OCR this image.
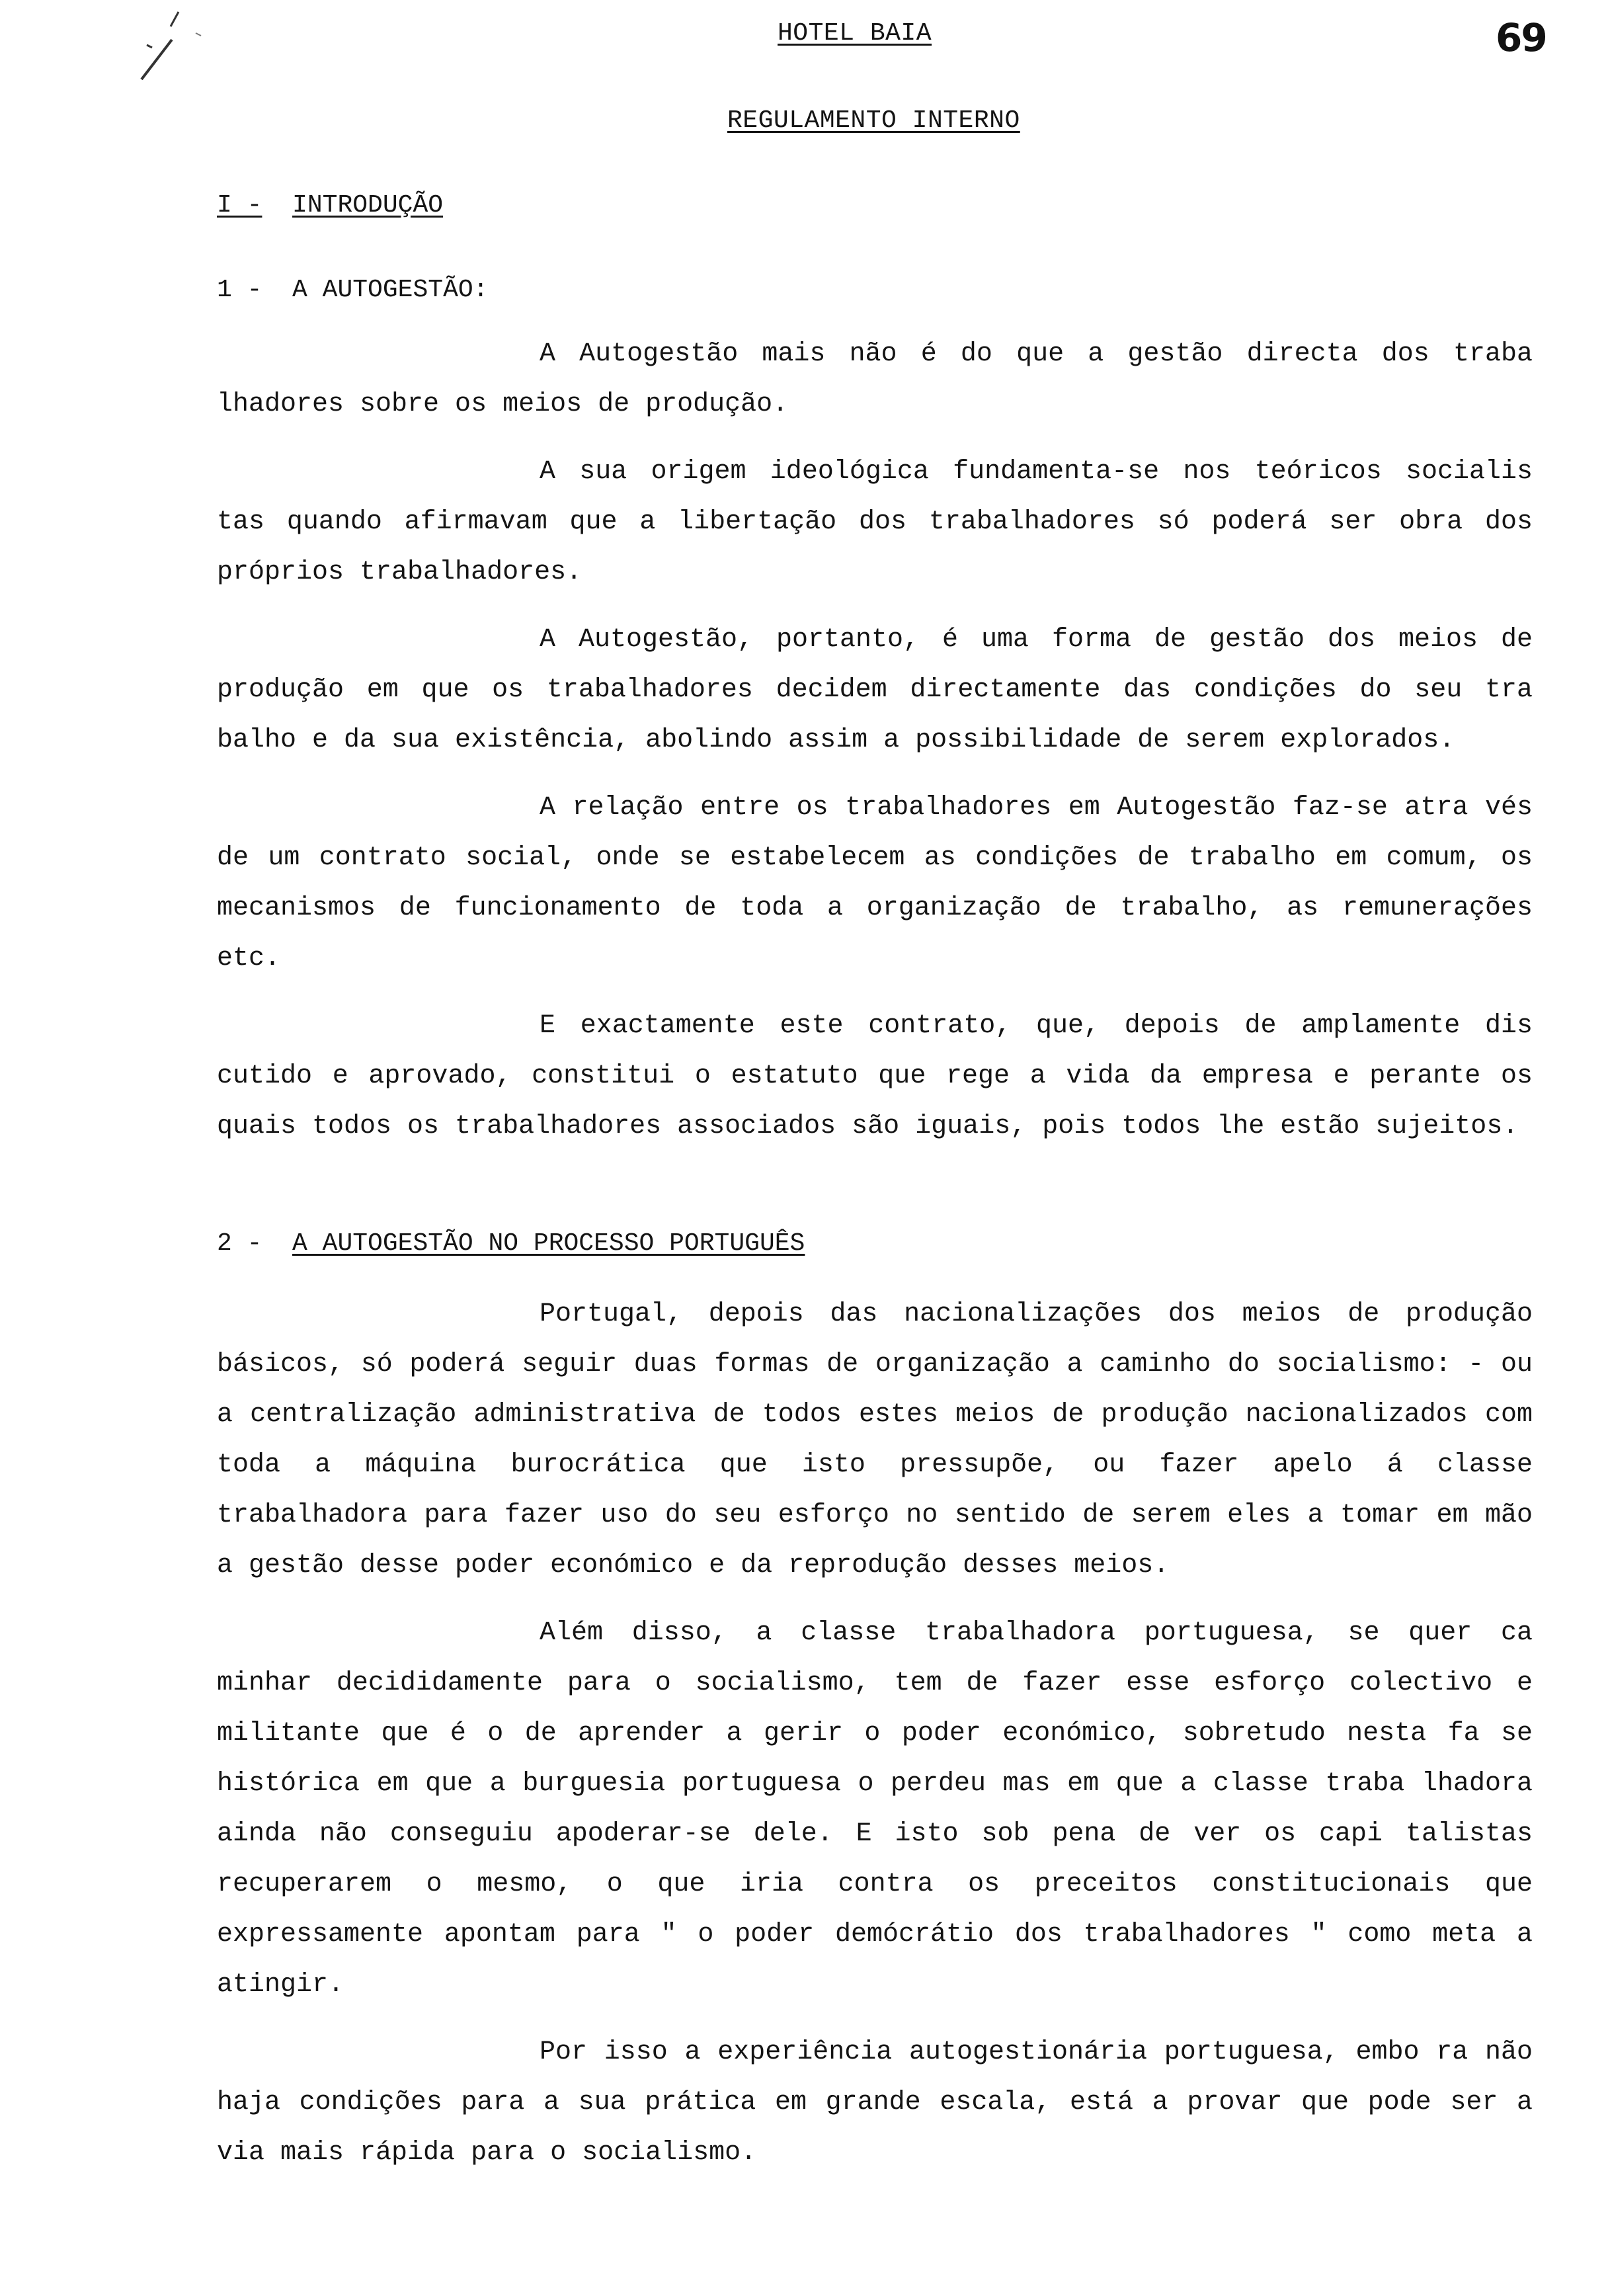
69
HOTEL BAIA
REGULAMENTO INTERNO
I - INTRODUÇÃO
1 - A AUTOGESTÃO:

A Autogestão mais não é do que a gestão directa dos traba lhadores sobre os meios de produção.

A sua origem ideológica fundamenta-se nos teóricos socialis tas quando afirmavam que a libertação dos trabalhadores só poderá ser obra dos próprios trabalhadores.

A Autogestão, portanto, é uma forma de gestão dos meios de produção em que os trabalhadores decidem directamente das condições do seu tra balho e da sua existência, abolindo assim a possibilidade de serem explorados.

A relação entre os trabalhadores em Autogestão faz-se atra vés de um contrato social, onde se estabelecem as condições de trabalho em comum, os mecanismos de funcionamento de toda a organização de trabalho, as remunerações etc.

E exactamente este contrato, que, depois de amplamente dis cutido e aprovado, constitui o estatuto que rege a vida da empresa e perante os quais todos os trabalhadores associados são iguais, pois todos lhe estão sujeitos.

2 - A AUTOGESTÃO NO PROCESSO PORTUGUÊS

Portugal, depois das nacionalizações dos meios de produção básicos, só poderá seguir duas formas de organização a caminho do socialismo: - ou a centralização administrativa de todos estes meios de produção nacionalizados com toda a máquina burocrática que isto pressupõe, ou fazer apelo á classe trabalhadora para fazer uso do seu esforço no sentido de serem eles a tomar em mão a gestão desse poder económico e da reprodução desses meios.

Além disso, a classe trabalhadora portuguesa, se quer ca minhar decididamente para o socialismo, tem de fazer esse esforço colectivo e militante que é o de aprender a gerir o poder económico, sobretudo nesta fa se histórica em que a burguesia portuguesa o perdeu mas em que a classe traba lhadora ainda não conseguiu apoderar-se dele. E isto sob pena de ver os capi talistas recuperarem o mesmo, o que iria contra os preceitos constitucionais que expressamente apontam para " o poder demócrátio dos trabalhadores " como meta a atingir.

Por isso a experiência autogestionária portuguesa, embo ra não haja condições para a sua prática em grande escala, está a provar que pode ser a via mais rápida para o socialismo.
